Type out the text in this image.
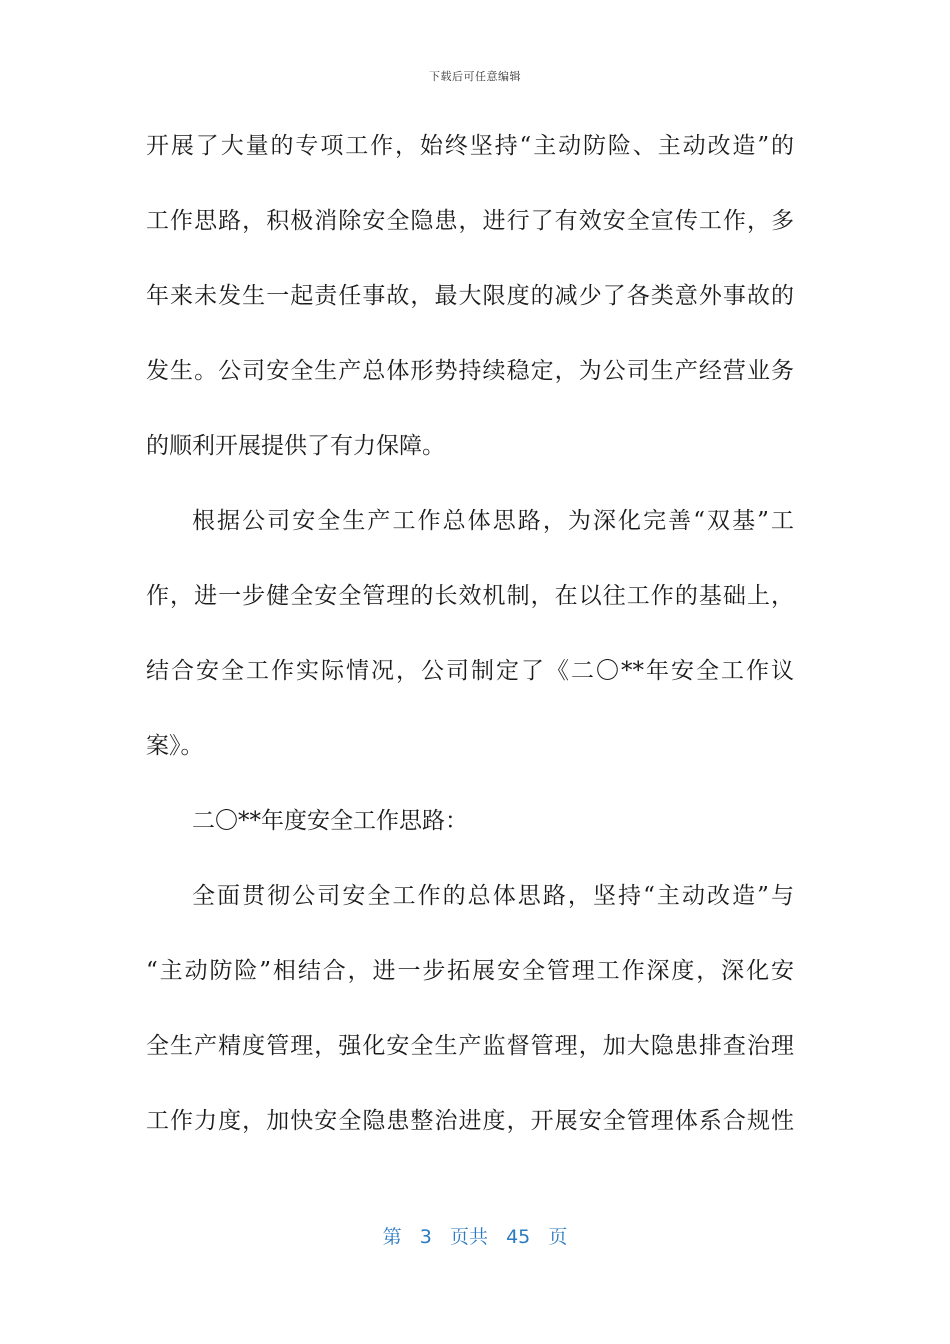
下载后可任意编辑
开展了大量的专项工作，始终坚持“主动防险、主动改造”的
工作思路，积极消除安全隐患，进行了有效安全宣传工作，多
年来未发生一起责任事故，最大限度的减少了各类意外事故的
发生。公司安全生产总体形势持续稳定，为公司生产经营业务
的顺利开展提供了有力保障。
根据公司安全生产工作总体思路，为深化完善“双基”工
作，进一步健全安全管理的长效机制，在以往工作的基础上，
结合安全工作实际情况，公司制定了《二〇**年安全工作议
案》。
二〇**年度安全工作思路：
全面贯彻公司安全工作的总体思路，坚持“主动改造”与
“主动防险”相结合，进一步拓展安全管理工作深度，深化安
全生产精度管理，强化安全生产监督管理，加大隐患排查治理
工作力度，加快安全隐患整治进度，开展安全管理体系合规性
第 3 页共 45 页
